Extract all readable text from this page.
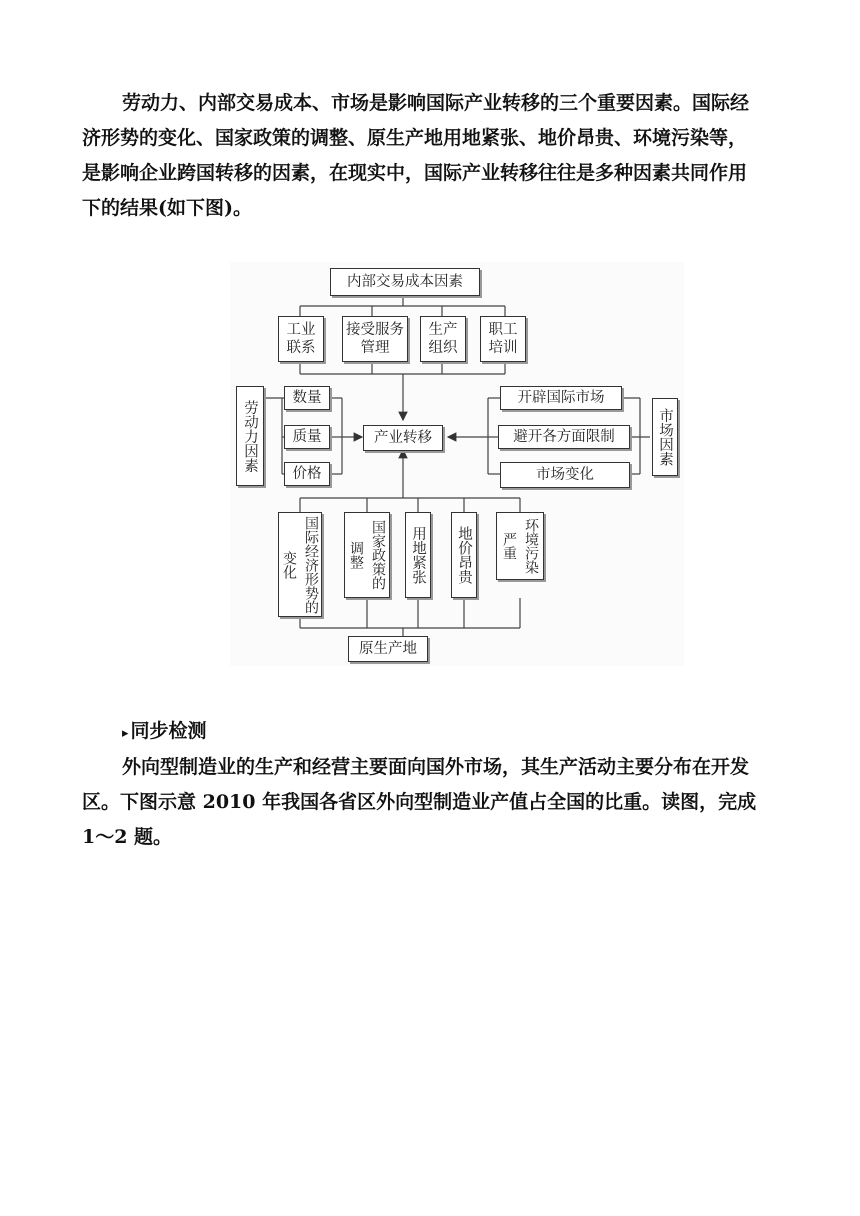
劳动力、内部交易成本、市场是影响国际产业转移的三个重要因素。国际经
济形势的变化、国家政策的调整、原生产地用地紧张、地价昂贵、环境污染等，
是影响企业跨国转移的因素，在现实中，国际产业转移往往是多种因素共同作用
下的结果(如下图)。
内部交易成本因素
工业联系
接受服务管理
生产组织
职工培训
产业转移
劳动力因素
数量
质量
价格
开辟国际市场
避开各方面限制
市场变化
市场因素
国际经济形势的变化	国家政策的调整	用地紧张	地价昂贵	环境污染严重
原生产地
▸ 同步检测
外向型制造业的生产和经营主要面向国外市场，其生产活动主要分布在开发
区。下图示意 2010 年我国各省区外向型制造业产值占全国的比重。读图，完成
1～2 题。
